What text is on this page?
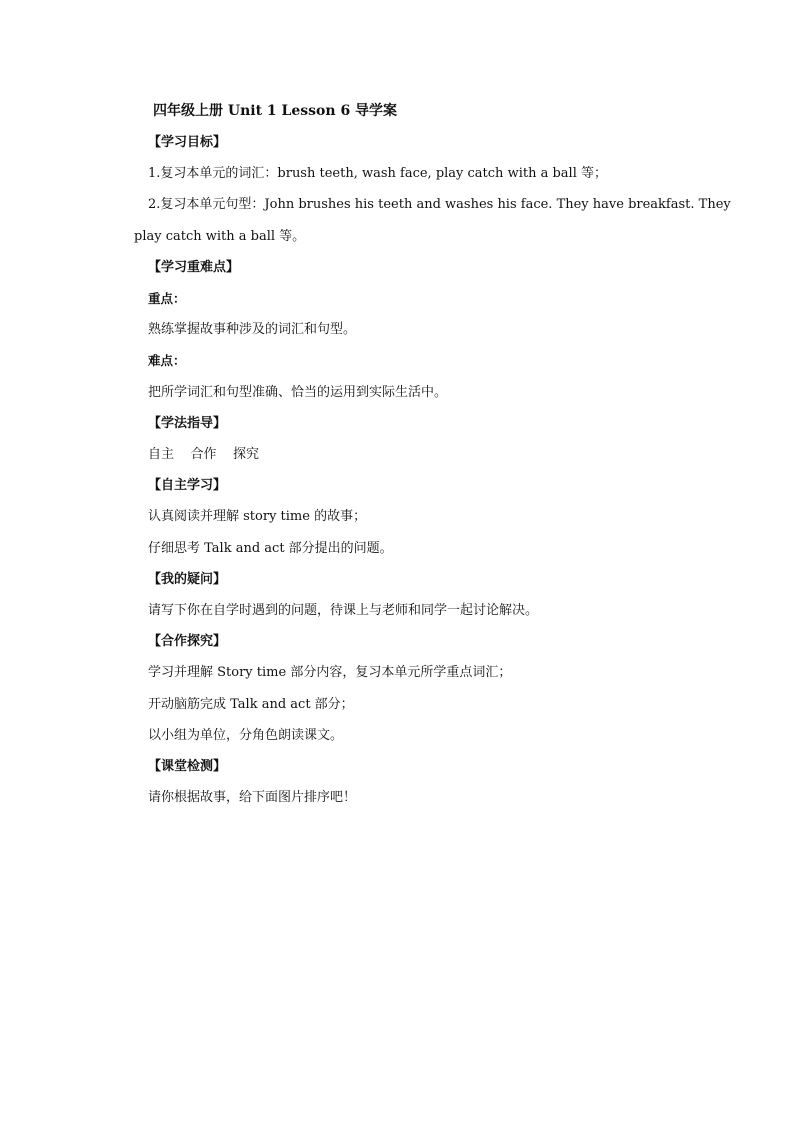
四年级上册 Unit 1 Lesson 6 导学案
【学习目标】
1.复习本单元的词汇：brush teeth, wash face, play catch with a ball 等；
2.复习本单元句型：John brushes his teeth and washes his face. They have breakfast. They
play catch with a ball 等。
【学习重难点】
重点：
熟练掌握故事种涉及的词汇和句型。
难点：
把所学词汇和句型准确、恰当的运用到实际生活中。
【学法指导】
自主    合作    探究
【自主学习】
认真阅读并理解 story time 的故事；
仔细思考 Talk and act 部分提出的问题。
【我的疑问】
请写下你在自学时遇到的问题，待课上与老师和同学一起讨论解决。
【合作探究】
学习并理解 Story time 部分内容，复习本单元所学重点词汇；
开动脑筋完成 Talk and act 部分；
以小组为单位，分角色朗读课文。
【课堂检测】
请你根据故事，给下面图片排序吧！
